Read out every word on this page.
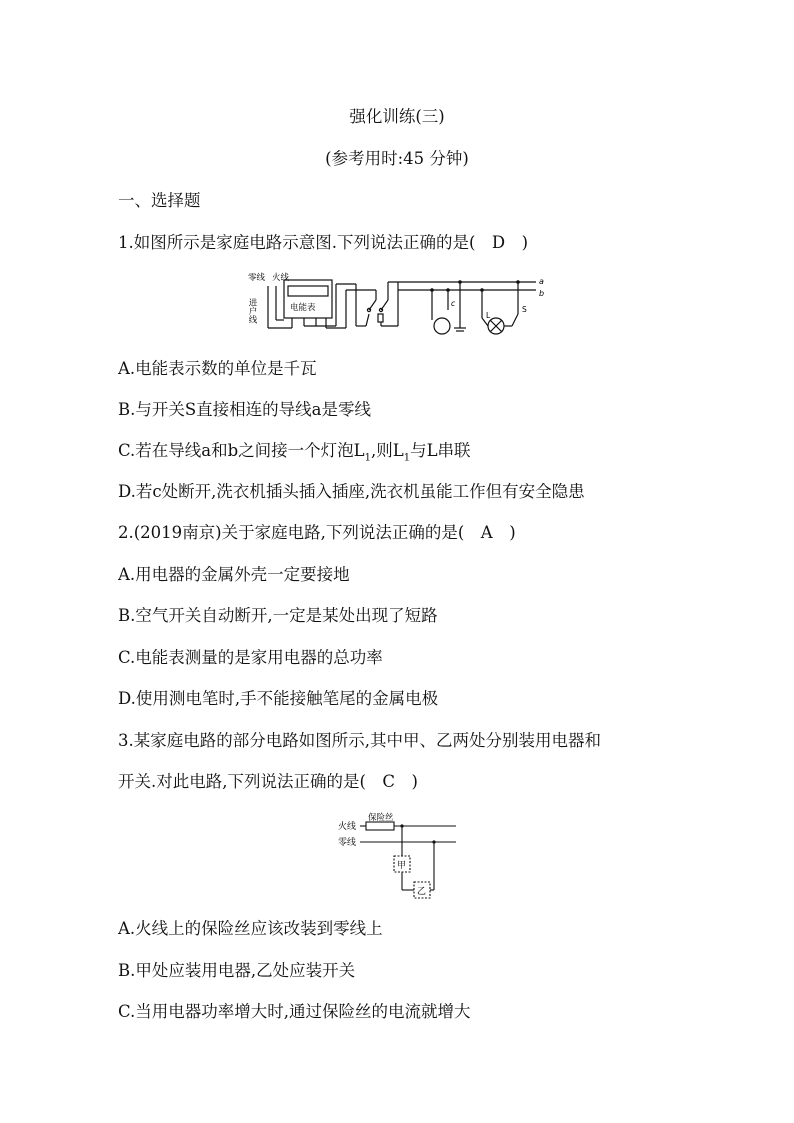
强化训练(三)
(参考用时:45 分钟)
一、选择题
1.如图所示是家庭电路示意图.下列说法正确的是(　D　)
零线 火线
进户线	电能表
a
b
c
L
S
A.电能表示数的单位是千瓦
B.与开关S直接相连的导线a是零线
C.若在导线a和b之间接一个灯泡$L_1$,则$L_1$与L串联
D.若c处断开,洗衣机插头插入插座,洗衣机虽能工作但有安全隐患
2.(2019南京)关于家庭电路,下列说法正确的是(　A　)
A.用电器的金属外壳一定要接地
B.空气开关自动断开,一定是某处出现了短路
C.电能表测量的是家用电器的总功率
D.使用测电笔时,手不能接触笔尾的金属电极
3.某家庭电路的部分电路如图所示,其中甲、乙两处分别装用电器和
开关.对此电路,下列说法正确的是(　C　)
火线
零线
保险丝
甲
乙
A.火线上的保险丝应该改装到零线上
B.甲处应装用电器,乙处应装开关
C.当用电器功率增大时,通过保险丝的电流就增大
